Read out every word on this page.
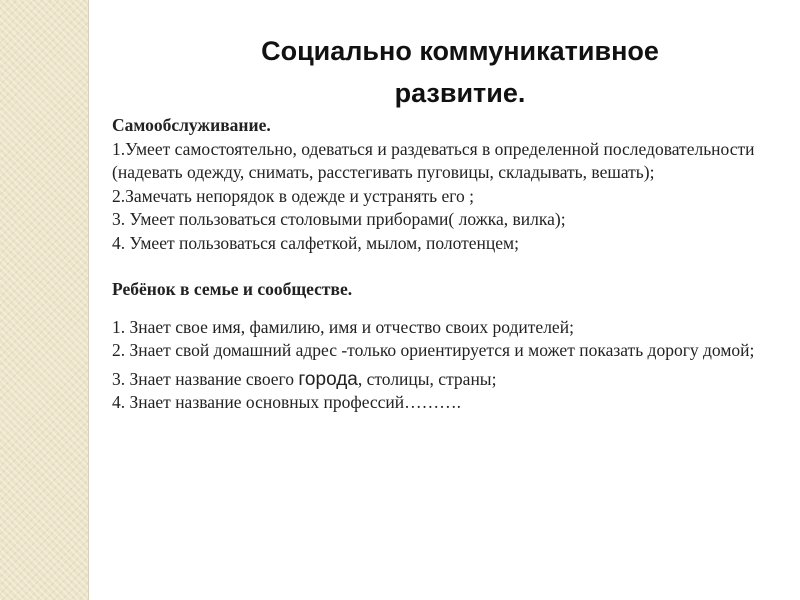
Социально коммуникативное
развитие.

Самообслуживание.

1.Умеет самостоятельно, одеваться и раздеваться в определенной последовательности (надевать одежду, снимать, расстегивать пуговицы, складывать, вешать);

2.Замечать непорядок в одежде и устранять его ;

3. Умеет пользоваться столовыми приборами( ложка, вилка);

4. Умеет пользоваться салфеткой, мылом, полотенцем;

Ребёнок в семье и сообществе.

1. Знает свое имя, фамилию, имя и отчество своих родителей;

2. Знает свой домашний адрес -только ориентируется и может показать дорогу домой;

3. Знает название своего города, столицы, страны;

4. Знает название основных профессий……….
